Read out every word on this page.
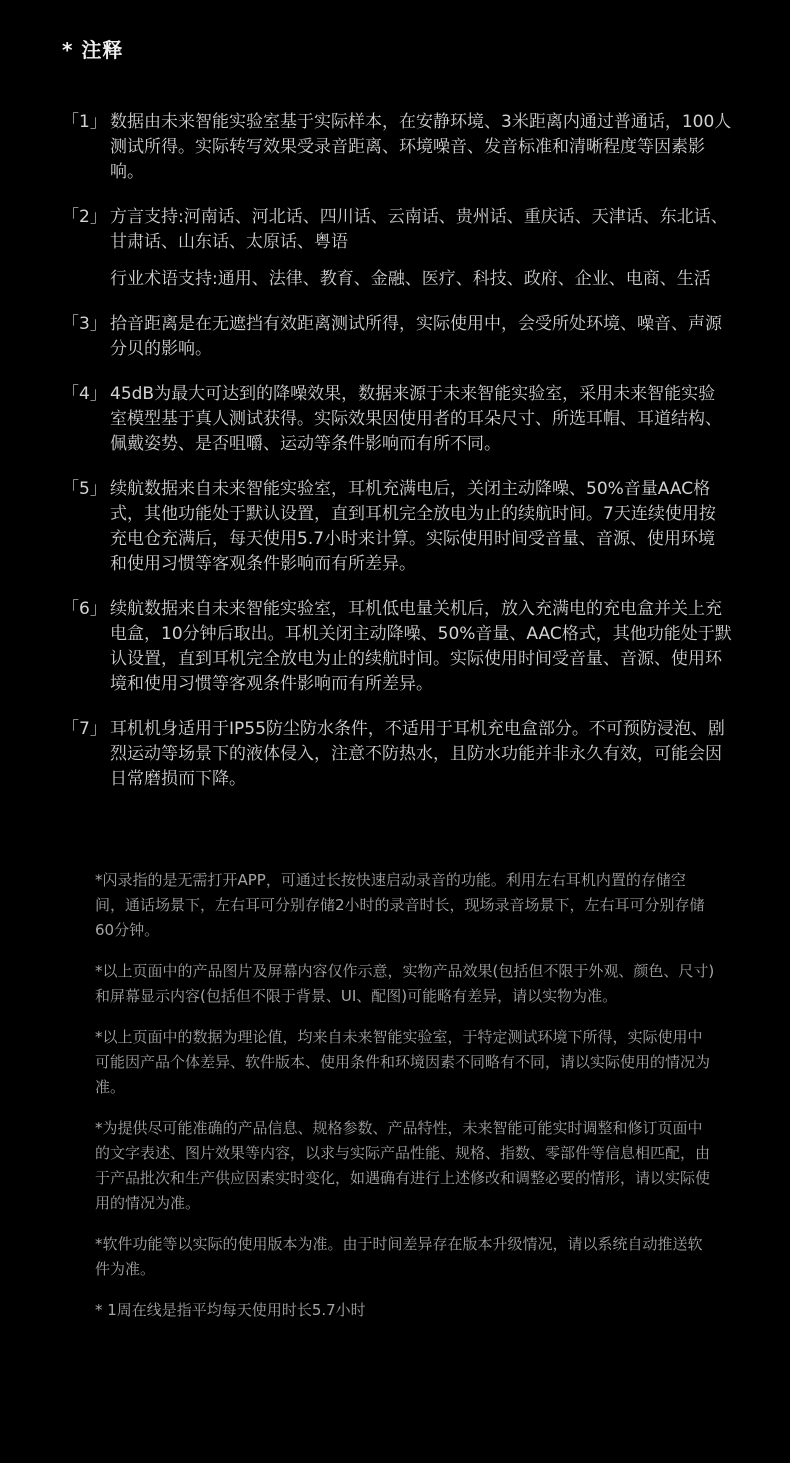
* 注释
「1」 数据由未来智能实验室基于实际样本，在安静环境、3米距离内通过普通话，100人测试所得。实际转写效果受录音距离、环境噪音、发音标准和清晰程度等因素影响。

「2」 方言支持:河南话、河北话、四川话、云南话、贵州话、重庆话、天津话、东北话、甘肃话、山东话、太原话、粤语

行业术语支持:通用、法律、教育、金融、医疗、科技、政府、企业、电商、生活

「3」 拾音距离是在无遮挡有效距离测试所得，实际使用中，会受所处环境、噪音、声源分贝的影响。

「4」 45dB为最大可达到的降噪效果，数据来源于未来智能实验室，采用未来智能实验室模型基于真人测试获得。实际效果因使用者的耳朵尺寸、所选耳帽、耳道结构、佩戴姿势、是否咀嚼、运动等条件影响而有所不同。

「5」 续航数据来自未来智能实验室，耳机充满电后，关闭主动降噪、50%音量AAC格式，其他功能处于默认设置，直到耳机完全放电为止的续航时间。7天连续使用按充电仓充满后，每天使用5.7小时来计算。实际使用时间受音量、音源、使用环境和使用习惯等客观条件影响而有所差异。

「6」 续航数据来自未来智能实验室，耳机低电量关机后，放入充满电的充电盒并关上充电盒，10分钟后取出。耳机关闭主动降噪、50%音量、AAC格式，其他功能处于默认设置，直到耳机完全放电为止的续航时间。实际使用时间受音量、音源、使用环境和使用习惯等客观条件影响而有所差异。

「7」 耳机机身适用于IP55防尘防水条件，不适用于耳机充电盒部分。不可预防浸泡、剧烈运动等场景下的液体侵入，注意不防热水，且防水功能并非永久有效，可能会因日常磨损而下降。

*闪录指的是无需打开APP，可通过长按快速启动录音的功能。利用左右耳机内置的存储空间，通话场景下，左右耳可分别存储2小时的录音时长，现场录音场景下，左右耳可分别存储60分钟。

*以上页面中的产品图片及屏幕内容仅作示意，实物产品效果(包括但不限于外观、颜色、尺寸)和屏幕显示内容(包括但不限于背景、UI、配图)可能略有差异，请以实物为准。

*以上页面中的数据为理论值，均来自未来智能实验室，于特定测试环境下所得，实际使用中可能因产品个体差异、软件版本、使用条件和环境因素不同略有不同，请以实际使用的情况为准。

*为提供尽可能准确的产品信息、规格参数、产品特性，未来智能可能实时调整和修订页面中的文字表述、图片效果等内容，以求与实际产品性能、规格、指数、零部件等信息相匹配，由于产品批次和生产供应因素实时变化，如遇确有进行上述修改和调整必要的情形，请以实际使用的情况为准。

*软件功能等以实际的使用版本为准。由于时间差异存在版本升级情况，请以系统自动推送软件为准。

* 1周在线是指平均每天使用时长5.7小时
